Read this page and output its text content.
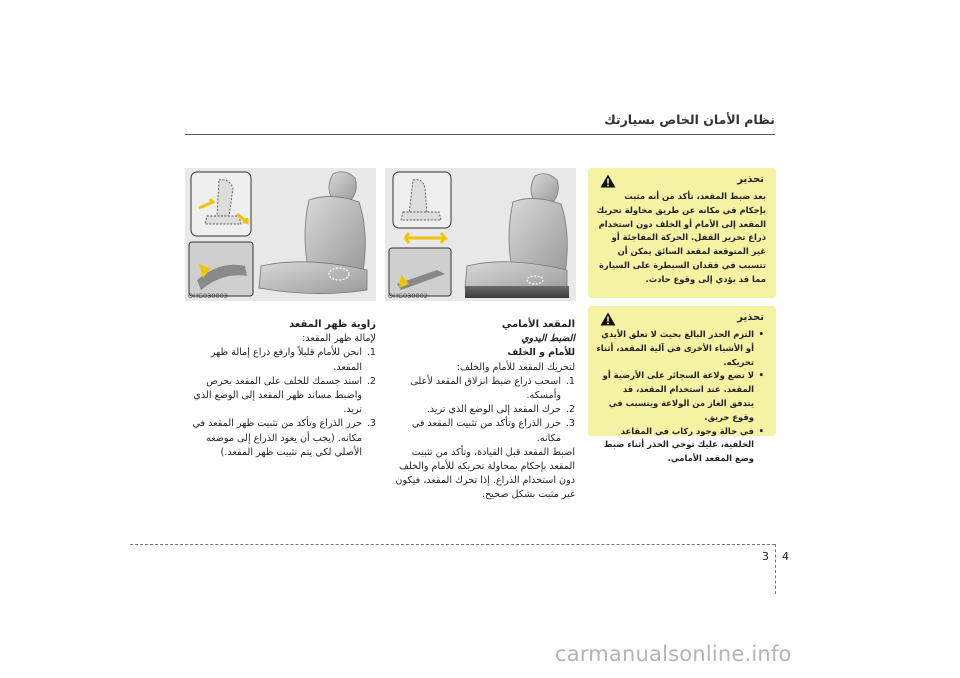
نظام الأمان الخاص بسيارتك
تحذير

بعد ضبط المقعد، تأكد من أنه مثبت بإحكام في مكانه عن طريق محاولة تحريك المقعد إلى الأمام أو الخلف دون استخدام ذراع تحرير القفل. الحركة المفاجئة أو غير المتوقعة لمقعد السائق يمكن أن تتسبب في فقدان السيطرة على السيارة مما قد يؤدي إلى وقوع حادث.

تحذير
• التزم الحذر البالغ بحيث لا تعلق الأيدي أو الأشياء الأخرى في آلية المقعد، أثناء تحريكه.
• لا تضع ولاعة السجائر على الأرضية أو المقعد. عند استخدام المقعد، قد يتدفق الغاز من الولاعة ويتسبب في وقوع حريق.
• في حالة وجود ركاب في المقاعد الخلفية، عليك توخي الحذر أثناء ضبط وضع المقعد الأمامي.
OHG030002
OHG030003
المقعد الأمامي
الضبط اليدوي
للأمام و الخلف

لتحريك المقعد للأمام والخلف:

1.
اسحب ذراع ضبط انزلاق المقعد لأعلى وأمسكه.
2.
حرك المقعد إلى الوضع الذي تريد.
3.
حرر الذراع وتأكد من تثبيت المقعد في مكانه.

اضبط المقعد قبل القيادة، وتأكد من تثبيت المقعد بإحكام بمحاولة تحريكه للأمام والخلف دون استخدام الذراع. إذا تحرك المقعد، فيكون غير مثبت بشكل صحيح.

زاوية ظهر المقعد

لإمالة ظهر المقعد:

1.
انحن للأمام قليلاً وارفع ذراع إمالة ظهر المقعد.
2.
اسند جسمك للخلف على المقعد بحرص واضبط مساند ظهر المقعد إلى الوضع الذي تريد.
3.
حرر الذراع وتأكد من تثبيت ظهر المقعد في مكانه. (يجب أن يعود الذراع إلى موضعه الأصلي لكي يتم تثبيت ظهر المقعد.)
3 4
carmanualsonline.info
